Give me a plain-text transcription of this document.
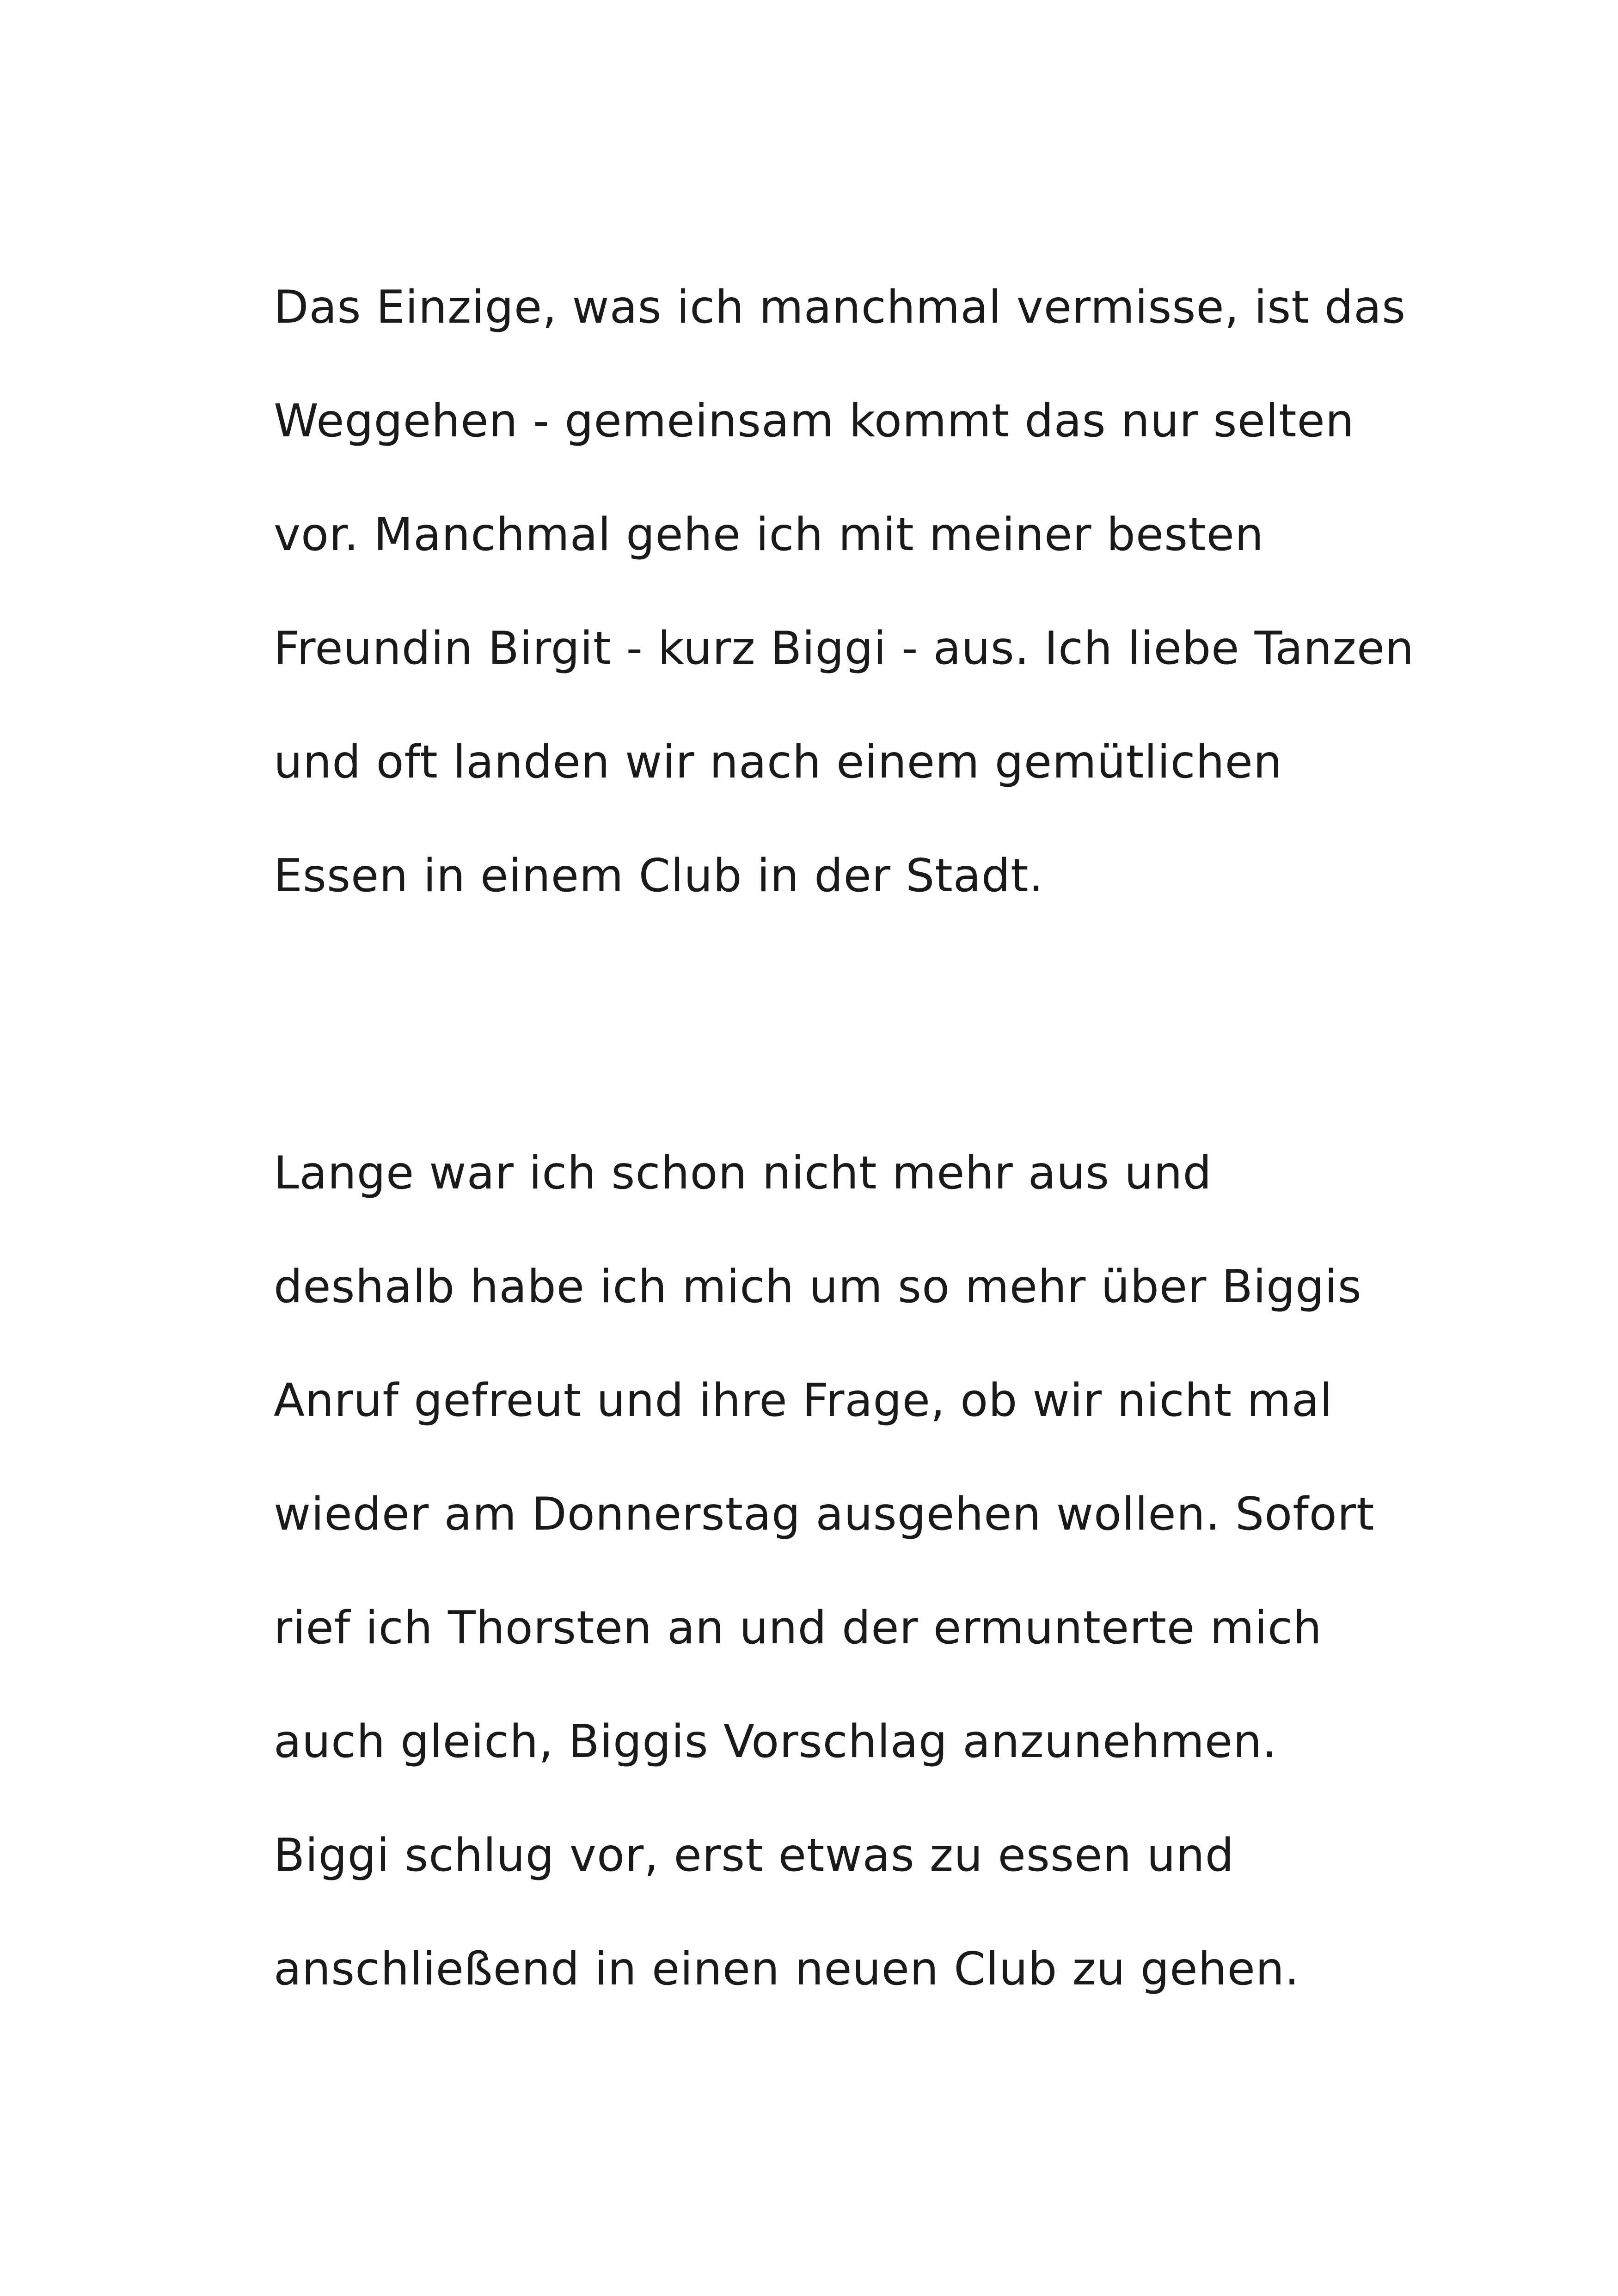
Das Einzige, was ich manchmal vermisse, ist das
Weggehen - gemeinsam kommt das nur selten
vor. Manchmal gehe ich mit meiner besten
Freundin Birgit - kurz Biggi - aus. Ich liebe Tanzen
und oft landen wir nach einem gemütlichen
Essen in einem Club in der Stadt.
Lange war ich schon nicht mehr aus und
deshalb habe ich mich um so mehr über Biggis
Anruf gefreut und ihre Frage, ob wir nicht mal
wieder am Donnerstag ausgehen wollen. Sofort
rief ich Thorsten an und der ermunterte mich
auch gleich, Biggis Vorschlag anzunehmen.
Biggi schlug vor, erst etwas zu essen und
anschließend in einen neuen Club zu gehen.
